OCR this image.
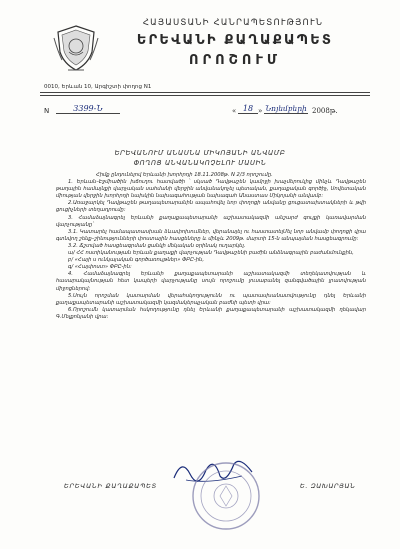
ՀԱՅԱՍՏԱՆԻ ՀԱՆՐԱՊԵՏՈՒԹՅՈՒՆ
ԵՐԵՎԱՆԻ ՔԱՂԱՔԱՊԵՏ
ՈՐՈՇՈՒՄ
0010, Երևան 10, Արգիշտի փողոց N1
N	3399-Ն	« 18 » Նոյեմբերի 2008թ.
ԵՐԵՎԱՆՈՒՄ ԱՆԱՍՆԱ ՄԻԿՈՅԱՆԻ ԱՆՎԱՄԲ
ՓՈՂՈՑ ԱՆՎԱՆԱԿՈՉԵԼՈՒ ՄԱՍԻՆ

Հիմք ընդունելով Երևանի խորհրդի 18.11.2008թ. N 2/3 որոշումը.

1. Երևան–Էջմիածին խճուղու հատվածի ՝ սկսած Դավթաշեն կամրջի խաչմերուկից մինչև Դավթաշեն թաղային համայնքի վարչական սահմանի վերջին անվանակոչել պետական, քաղաքական գործիչ, Սովետական միության վերջին խորհրդի նախկին նախագահության նախագահ Անաստաս Միկոյանի անվամբ:

2.Առաջարկել Դավթաշեն թաղապետարանին ապահովել նոր փողոցի անվանը ցուցատախտակների և թվի ցուցիչների տեղադրումը:

3. Համաձայնագրել Երևանի քաղաքապետարանի աշխատակազմի անշարժ գույքի կառավարման վարչությանը`

3.1. Կատարել համապատասխան ձևափոխումներ, վերանայել ու հաստատելՄել նոր անվամբ փողոցի վրա գտնվող շենք–շինությունների փոստային հասցեները և մինչև 2009թ. մարտի 15-ն անպայման հասցեագրումը:

3.2. Ճշտված հասցեագրման ցանկի մեկական օրինակ ուղարկել.

ա/ ՀՀ ոստիկանության Երևան քաղաքի վարչության Դավթաշենի բաժին անձնագրային բաժանմունքին,

բ/ «Հայի ս ունկայական գործառույթներ» ՓԲԸ-ին,

գ/ «Հայփոստ» ՓԲԸ-ին:

4. Համաձայնագրել Երևանի քաղաքապետարանի աշխատակազմի տեղեկատվության և հասարակայնության հետ կապերի վարչությանը սույն որոշումը լուսաբանել զանգվածային լրատվության միջոցներով:

5.Սույն որոշման կատարման վերահսկողությունն ու պատասխանատվությունը դնել Երևանի քաղաքապետարանի աշխատակազմի կազմակերպչական բաժնի պետի վրա:

6.Որոշումն կատարման հսկողությունը դնել Երևանի քաղաքապետարանի աշխատակազմի ղեկավար Գ.Մելքոնյանի վրա:

ԵՐԵՎԱՆԻ ՔԱՂԱՔԱՊԵՏ	Ե. ԶԱԽԱՐՅԱՆ
